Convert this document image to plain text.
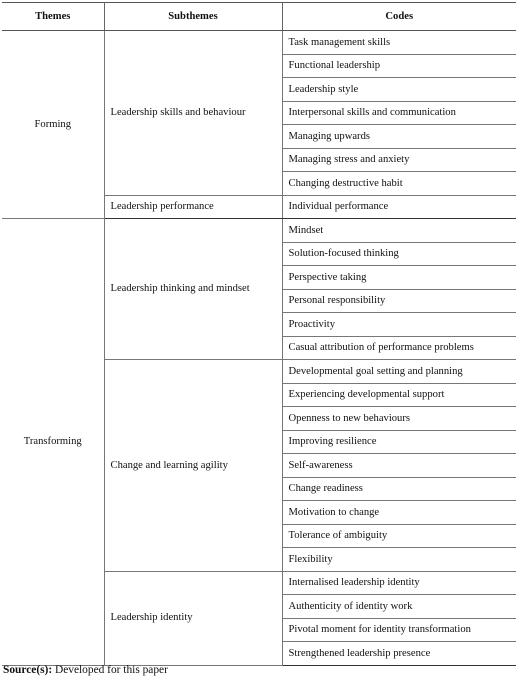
Themes	Subthemes	Codes
Forming	Leadership skills and behaviour	Task management skills
		Functional leadership
		Leadership style
		Interpersonal skills and communication
		Managing upwards
		Managing stress and anxiety
		Changing destructive habit
	Leadership performance	Individual performance
Transforming	Leadership thinking and mindset	Mindset
		Solution-focused thinking
		Perspective taking
		Personal responsibility
		Proactivity
		Casual attribution of performance problems
	Change and learning agility	Developmental goal setting and planning
		Experiencing developmental support
		Openness to new behaviours
		Improving resilience
		Self-awareness
		Change readiness
		Motivation to change
		Tolerance of ambiguity
		Flexibility
	Leadership identity	Internalised leadership identity
		Authenticity of identity work
		Pivotal moment for identity transformation
		Strengthened leadership presence
Source(s): Developed for this paper
